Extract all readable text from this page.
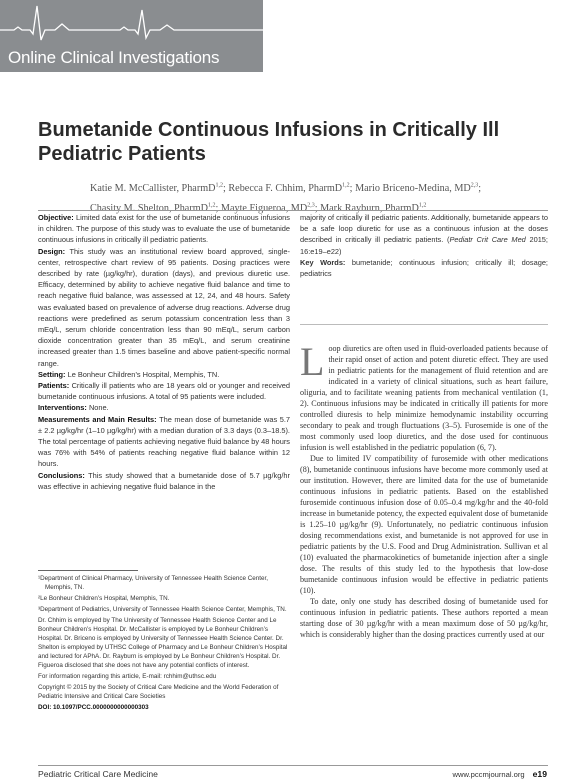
Online Clinical Investigations
Bumetanide Continuous Infusions in Critically Ill Pediatric Patients
Katie M. McCallister, PharmD$^{1,2}$; Rebecca F. Chhim, PharmD$^{1,2}$; Mario Briceno-Medina, MD$^{2,3}$;
Chasity M. Shelton, PharmD$^{1,2}$; Mayte Figueroa, MD$^{2,3}$; Mark Rayburn, PharmD$^{1,2}$

Objective: Limited data exist for the use of bumetanide continuous infusions in children. The purpose of this study was to evaluate the use of bumetanide continuous infusions in critically ill pediatric patients.

Design: This study was an institutional review board approved, single-center, retrospective chart review of 95 patients. Dosing practices were described by rate (µg/kg/hr), duration (days), and previous diuretic use. Efficacy, determined by ability to achieve negative fluid balance and time to reach negative fluid balance, was assessed at 12, 24, and 48 hours. Safety was evaluated based on prevalence of adverse drug reactions. Adverse drug reactions were predefined as serum potassium concentration less than 3 mEq/L, serum chloride concentration less than 90 mEq/L, serum carbon dioxide concentration greater than 35 mEq/L, and serum creatinine increased greater than 1.5 times baseline and above patient-specific normal range.

Setting: Le Bonheur Children’s Hospital, Memphis, TN.

Patients: Critically ill patients who are 18 years old or younger and received bumetanide continuous infusions. A total of 95 patients were included.

Interventions: None.

Measurements and Main Results: The mean dose of bumetanide was 5.7 ± 2.2 µg/kg/hr (1–10 µg/kg/hr) with a median duration of 3.3 days (0.3–18.5). The total percentage of patients achieving negative fluid balance by 48 hours was 76% with 54% of patients reaching negative fluid balance within 12 hours.

Conclusions: This study showed that a bumetanide dose of 5.7 µg/kg/hr was effective in achieving negative fluid balance in the

¹Department of Clinical Pharmacy, University of Tennessee Health Science Center, Memphis, TN.

²Le Bonheur Children’s Hospital, Memphis, TN.

³Department of Pediatrics, University of Tennessee Health Science Center, Memphis, TN.

Dr. Chhim is employed by The University of Tennessee Health Science Center and Le Bonheur Children’s Hospital. Dr. McCallister is employed by Le Bonheur Children’s Hospital. Dr. Briceno is employed by University of Tennessee Health Science Center. Dr. Shelton is employed by UTHSC College of Pharmacy and Le Bonheur Children’s Hospital and lectured for APhA. Dr. Rayburn is employed by Le Bonheur Children’s Hospital. Dr. Figueroa disclosed that she does not have any potential conflicts of interest.

For information regarding this article, E-mail: rchhim@uthsc.edu

Copyright © 2015 by the Society of Critical Care Medicine and the World Federation of Pediatric Intensive and Critical Care Societies

DOI: 10.1097/PCC.0000000000000303

majority of critically ill pediatric patients. Additionally, bumetanide appears to be a safe loop diuretic for use as a continuous infusion at the doses described in critically ill pediatric patients. (Pediatr Crit Care Med 2015; 16:e19–e22)

Key Words: bumetanide; continuous infusion; critically ill; dosage; pediatrics

Loop diuretics are often used in fluid-overloaded patients because of their rapid onset of action and potent diuretic effect. They are used in pediatric patients for the management of fluid retention and are indicated in a variety of clinical situations, such as heart failure, oliguria, and to facilitate weaning patients from mechanical ventilation (1, 2). Continuous infusions may be indicated in critically ill patients for more controlled diuresis to help minimize hemodynamic instability occurring secondary to peak and trough fluctuations (3–5). Furosemide is one of the most commonly used loop diuretics, and the dose used for continuous infusion is well established in the pediatric population (6, 7).

Due to limited IV compatibility of furosemide with other medications (8), bumetanide continuous infusions have become more commonly used at our institution. However, there are limited data for the use of bumetanide continuous infusions in pediatric patients. Based on the established furosemide continuous infusion dose of 0.05–0.4 mg/kg/hr and the 40-fold increase in bumetanide potency, the expected equivalent dose of bumetanide is 1.25–10 µg/kg/hr (9). Unfortunately, no pediatric continuous infusion dosing recommendations exist, and bumetanide is not approved for use in pediatric patients by the U.S. Food and Drug Administration. Sullivan et al (10) evaluated the pharmacokinetics of bumetanide injection after a single dose. The results of this study led to the hypothesis that low-dose bumetanide continuous infusion would be effective in pediatric patients (10).

To date, only one study has described dosing of bumetanide used for continuous infusion in pediatric patients. These authors reported a mean starting dose of 30 µg/kg/hr with a mean maximum dose of 50 µg/kg/hr, which is considerably higher than the dosing practices currently used at our

Pediatric Critical Care Medicine	www.pccmjournal.org e19
